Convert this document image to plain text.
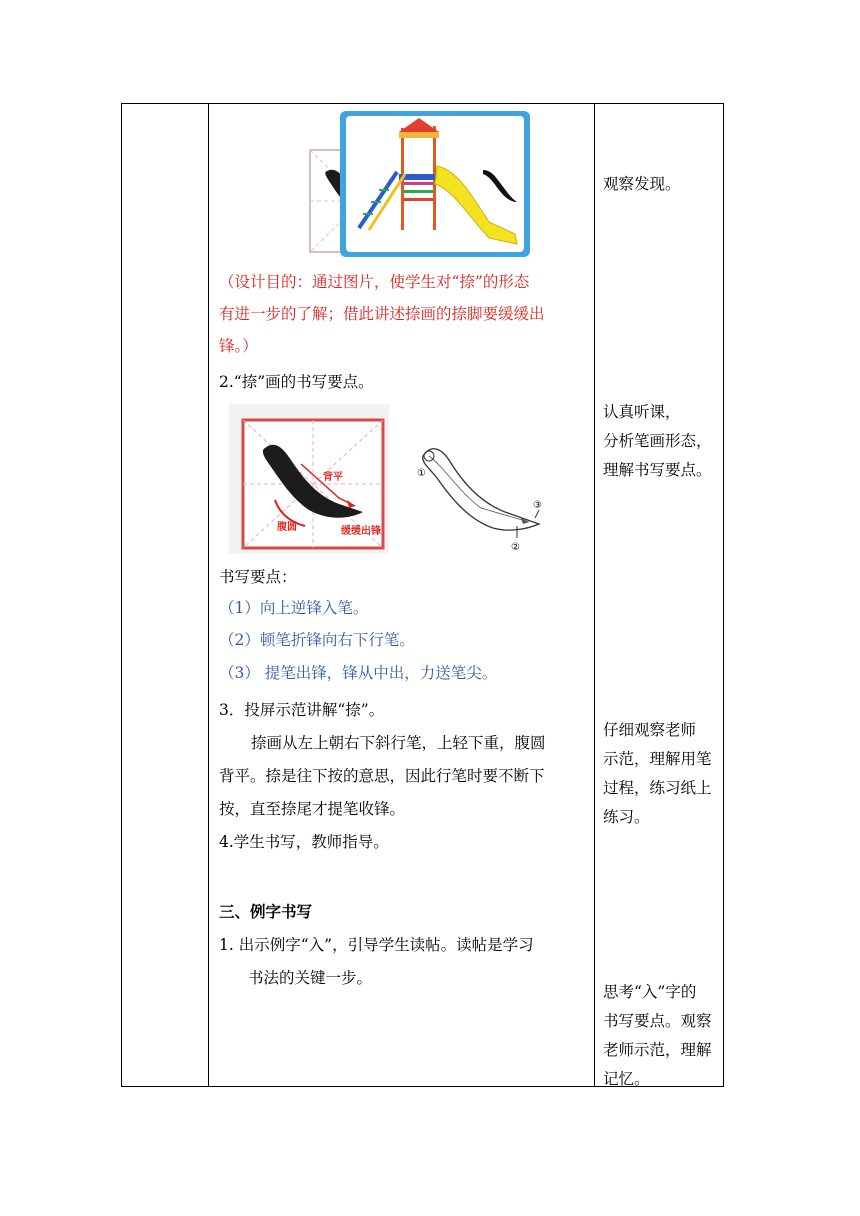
（设计目的：通过图片，使学生对“捺”的形态
有进一步的了解；借此讲述捺画的捺脚要缓缓出
锋。）
2.“捺”画的书写要点。
背平
腹圆	缓缓出锋
①
②
③
书写要点：
（1）向上逆锋入笔。
（2）顿笔折锋向右下行笔。
（3） 提笔出锋，锋从中出，力送笔尖。
3．投屏示范讲解“捺”。
捺画从左上朝右下斜行笔，上轻下重，腹圆
背平。捺是往下按的意思，因此行笔时要不断下
按，直至捺尾才提笔收锋。
4.学生书写，教师指导。
三、例字书写
1. 出示例字“入”，引导学生读帖。读帖是学习
书法的关键一步。

观察发现。
认真听课，
分析笔画形态，
理解书写要点。
仔细观察老师
示范，理解用笔
过程，练习纸上
练习。
思考“入”字的
书写要点。观察
老师示范，理解
记忆。
